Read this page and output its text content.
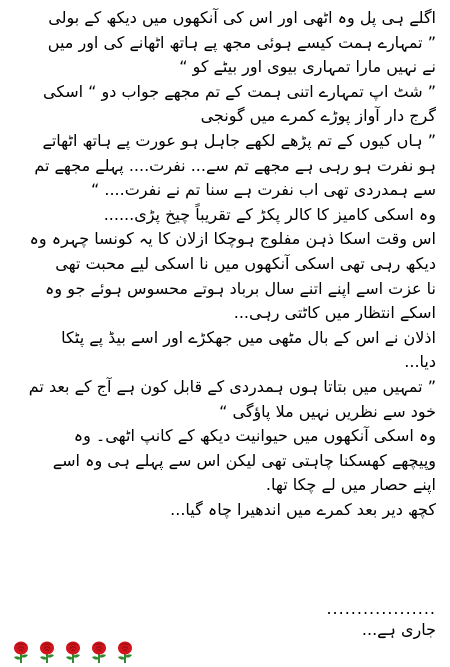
اگلے ہی پل وہ اٹھی اور اس کی آنکھوں میں دیکھ کے بولی
” تمہارے ہمت کیسے ہوئی مجھ پے ہاتھ اٹھانے کی اور میں
نے نہیں مارا تمہاری بیوی اور بیٹے کو “
” شٹ اپ تمہارے اتنی ہمت کے تم مجھے جواب دو “ اسکی
گرج دار آواز پوڑے کمرے میں گونجی
” ہاں کیوں کے تم پڑھے لکھے جاہل ہو عورت پے ہاتھ اٹھاتے
ہو نفرت ہو رہی ہے مجھے تم سے... نفرت.... پہلے مجھے تم
سے ہمدردی تھی اب نفرت ہے سنا تم نے نفرت.... “
وہ اسکی کامیز کا کالر پکڑ کے تقریباً چیخ پڑی......
اس وقت اسکا ذہن مفلوج ہوچکا ازلان کا یہ کونسا چہرہ وہ
دیکھ رہی تھی اسکی آنکھوں میں نا اسکی لیے محبت تھی
نا عزت اسے اپنے اتنے سال برباد ہوتے محسوس ہوئے جو وہ
اسکے انتظار میں کاٹتی رہی...
اذلان نے اس کے بال مٹھی میں جھکڑے اور اسے بیڈ پے پٹکا
دیا...
” تمہیں میں بتاتا ہوں ہمدردی کے قابل کون ہے آج کے بعد تم
خود سے نظریں نہیں ملا پاؤگی “
وہ اسکی آنکھوں میں حیوانیت دیکھ کے کانپ اٹھی۔ وہ
وپیچھے کھسکنا چاہتی تھی لیکن اس سے پہلے ہی وہ اسے
اپنے حصار میں لے چکا تھا.
کچھ دیر بعد کمرے میں اندھیرا چاہ گیا...
..................
جاری ہے...
